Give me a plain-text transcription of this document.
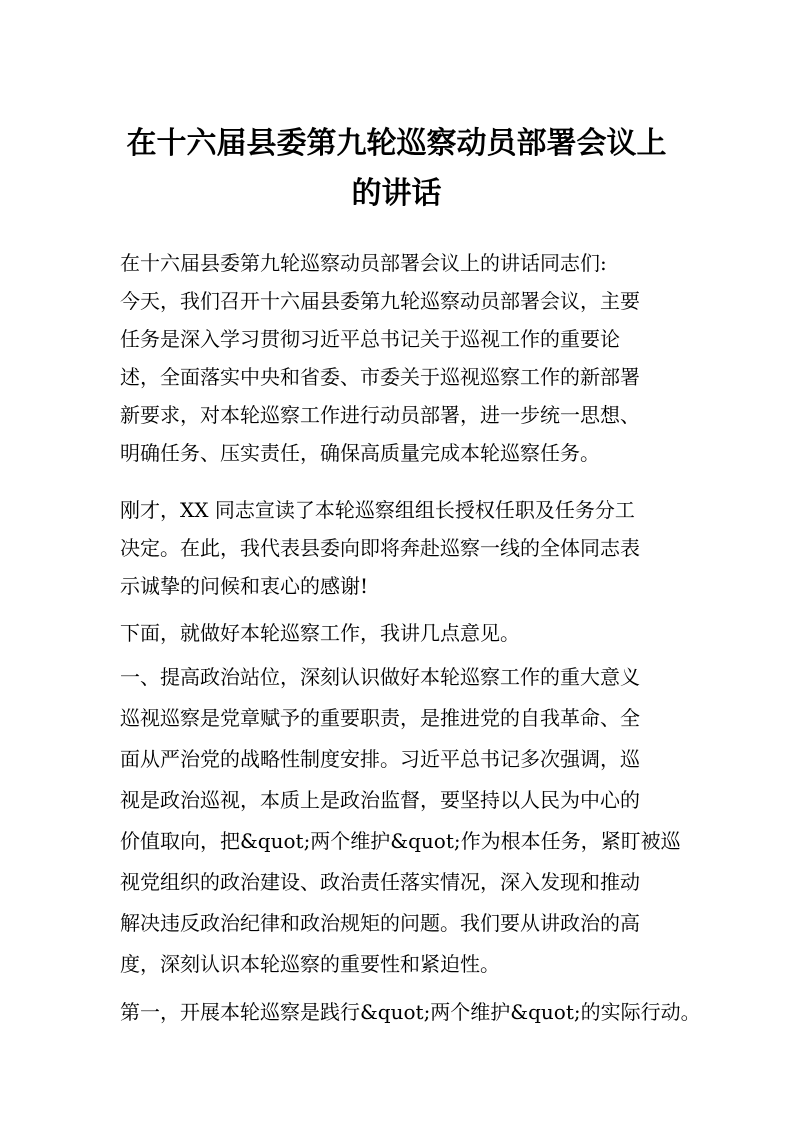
在十六届县委第九轮巡察动员部署会议上
的讲话
在十六届县委第九轮巡察动员部署会议上的讲话同志们:
今天，我们召开十六届县委第九轮巡察动员部署会议，主要
任务是深入学习贯彻习近平总书记关于巡视工作的重要论
述，全面落实中央和省委、市委关于巡视巡察工作的新部署
新要求，对本轮巡察工作进行动员部署，进一步统一思想、
明确任务、压实责任，确保高质量完成本轮巡察任务。
刚才，XX 同志宣读了本轮巡察组组长授权任职及任务分工
决定。在此，我代表县委向即将奔赴巡察一线的全体同志表
示诚挚的问候和衷心的感谢!
下面，就做好本轮巡察工作，我讲几点意见。
一、提高政治站位，深刻认识做好本轮巡察工作的重大意义
巡视巡察是党章赋予的重要职责，是推进党的自我革命、全
面从严治党的战略性制度安排。习近平总书记多次强调，巡
视是政治巡视，本质上是政治监督，要坚持以人民为中心的
价值取向，把&quot;两个维护&quot;作为根本任务，紧盯被巡
视党组织的政治建设、政治责任落实情况，深入发现和推动
解决违反政治纪律和政治规矩的问题。我们要从讲政治的高
度，深刻认识本轮巡察的重要性和紧迫性。
第一，开展本轮巡察是践行&quot;两个维护&quot;的实际行动。
